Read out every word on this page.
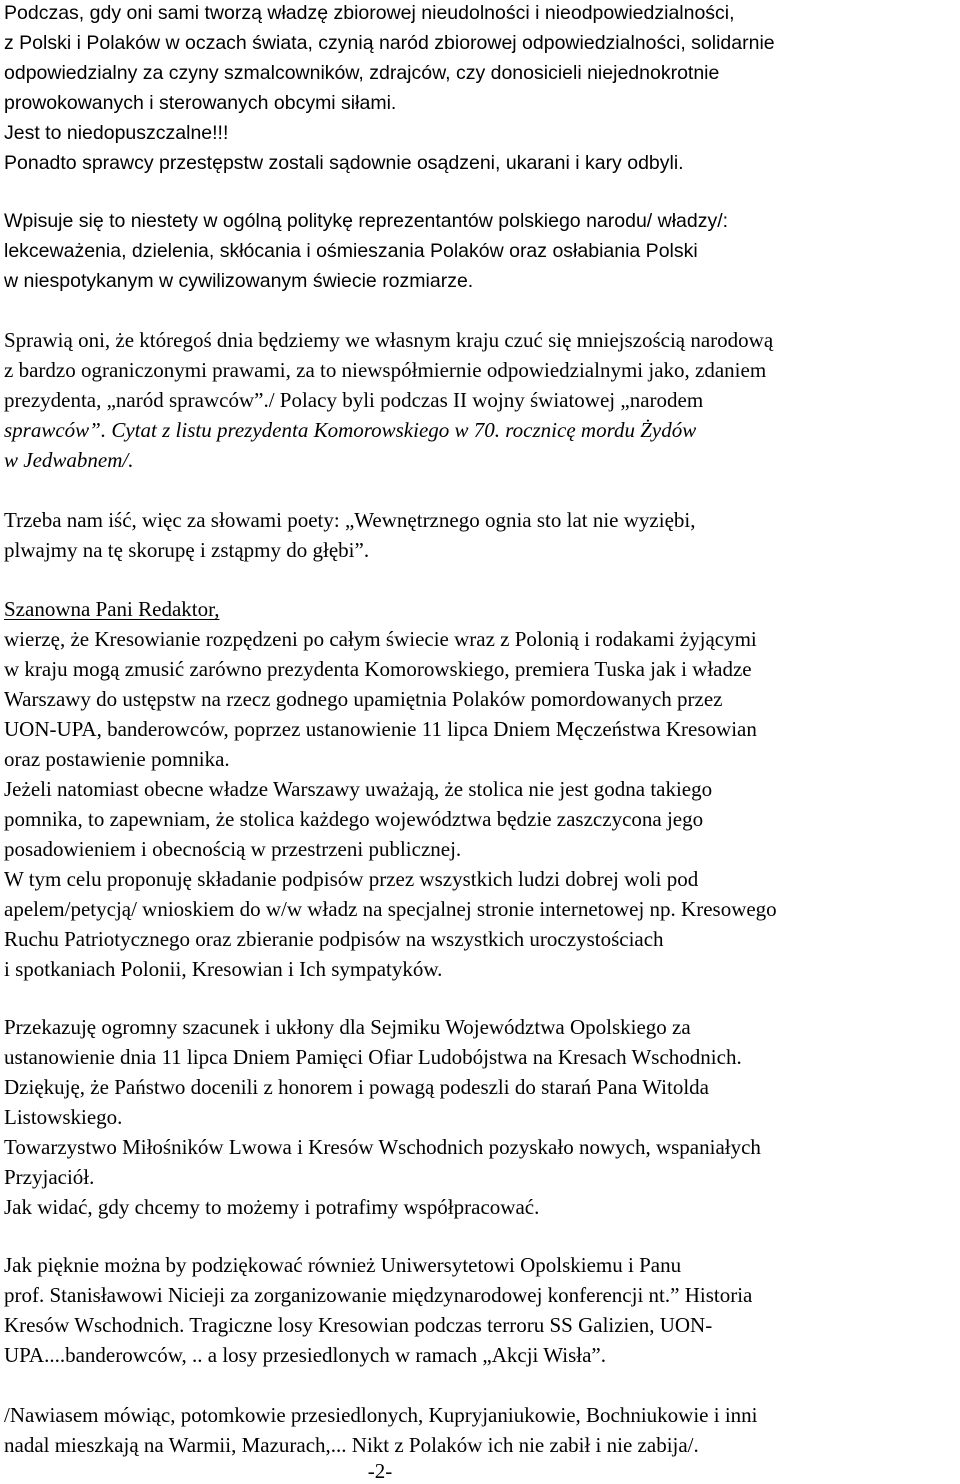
Podczas, gdy oni sami tworzą władzę zbiorowej nieudolności i nieodpowiedzialności,
z Polski i Polaków w oczach świata, czynią naród zbiorowej odpowiedzialności, solidarnie
odpowiedzialny za czyny szmalcowników, zdrajców, czy donosicieli niejednokrotnie
prowokowanych i sterowanych obcymi siłami.
Jest to niedopuszczalne!!!
Ponadto sprawcy przestępstw zostali sądownie osądzeni, ukarani i kary odbyli.
Wpisuje się to niestety w ogólną politykę reprezentantów polskiego narodu/ władzy/:
lekceważenia, dzielenia, skłócania i ośmieszania Polaków oraz osłabiania Polski
w niespotykanym w cywilizowanym świecie rozmiarze.
Sprawią oni, że któregoś dnia będziemy we własnym kraju czuć się mniejszością narodową
z bardzo ograniczonymi prawami, za to niewspółmiernie odpowiedzialnymi jako, zdaniem
prezydenta, „naród sprawców”./ Polacy byli podczas II wojny światowej „narodem
sprawców”. Cytat z listu prezydenta Komorowskiego w 70. rocznicę mordu Żydów
w Jedwabnem/.
Trzeba nam iść, więc za słowami poety: „Wewnętrznego ognia sto lat nie wyziębi,
plwajmy na tę skorupę i zstąpmy do głębi”.
Szanowna Pani Redaktor,
wierzę, że Kresowianie rozpędzeni po całym świecie wraz z Polonią i rodakami żyjącymi
w kraju mogą zmusić zarówno prezydenta Komorowskiego, premiera Tuska jak i władze
Warszawy do ustępstw na rzecz godnego upamiętnia Polaków pomordowanych przez
UON-UPA, banderowców, poprzez ustanowienie 11 lipca Dniem Męczeństwa Kresowian
oraz postawienie pomnika.
Jeżeli natomiast obecne władze Warszawy uważają, że stolica nie jest godna takiego
pomnika, to zapewniam, że stolica każdego województwa będzie zaszczycona jego
posadowieniem i obecnością w przestrzeni publicznej.
W tym celu proponuję składanie podpisów przez wszystkich ludzi dobrej woli pod
apelem/petycją/ wnioskiem do w/w władz na specjalnej stronie internetowej np. Kresowego
Ruchu Patriotycznego oraz zbieranie podpisów na wszystkich uroczystościach
i spotkaniach Polonii, Kresowian i Ich sympatyków.
Przekazuję ogromny szacunek i ukłony dla Sejmiku Województwa Opolskiego za
ustanowienie dnia 11 lipca Dniem Pamięci Ofiar Ludobójstwa na Kresach Wschodnich.
Dziękuję, że Państwo docenili z honorem i powagą podeszli do starań Pana Witolda
Listowskiego.
Towarzystwo Miłośników Lwowa i Kresów Wschodnich pozyskało nowych, wspaniałych
Przyjaciół.
Jak widać, gdy chcemy to możemy i potrafimy współpracować.
Jak pięknie można by podziękować również Uniwersytetowi Opolskiemu i Panu
prof. Stanisławowi Nicieji za zorganizowanie międzynarodowej konferencji nt.” Historia
Kresów Wschodnich. Tragiczne losy Kresowian podczas terroru SS Galizien, UON-
UPA....banderowców, .. a losy przesiedlonych w ramach „Akcji Wisła”.
/Nawiasem mówiąc, potomkowie przesiedlonych, Kupryjaniukowie, Bochniukowie i inni
nadal mieszkają na Warmii, Mazurach,... Nikt z Polaków ich nie zabił i nie zabija/.
-2-
